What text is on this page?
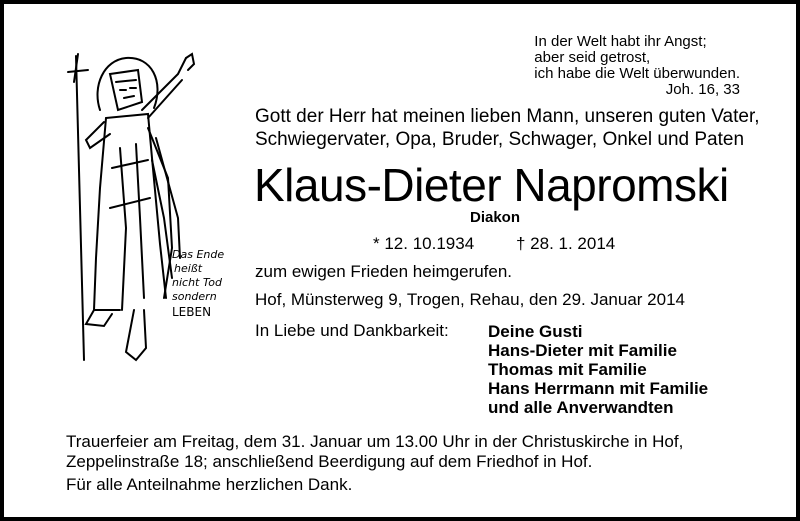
Das Ende
heißt
nicht Tod
sondern
LEBEN
In der Welt habt ihr Angst;
aber seid getrost,
ich habe die Welt überwunden.
Joh. 16, 33
Gott der Herr hat meinen lieben Mann, unseren guten Vater,
Schwiegervater, Opa, Bruder, Schwager, Onkel und Paten
Klaus-Dieter Napromski
Diakon
* 12. 10.1934 † 28. 1. 2014
zum ewigen Frieden heimgerufen.
Hof, Münsterweg 9, Trogen, Rehau, den 29. Januar 2014
In Liebe und Dankbarkeit: Deine Gusti
Hans-Dieter mit Familie
Thomas mit Familie
Hans Herrmann mit Familie
und alle Anverwandten
Trauerfeier am Freitag, dem 31. Januar um 13.00 Uhr in der Christuskirche in Hof,
Zeppelinstraße 18; anschließend Beerdigung auf dem Friedhof in Hof.
Für alle Anteilnahme herzlichen Dank.
